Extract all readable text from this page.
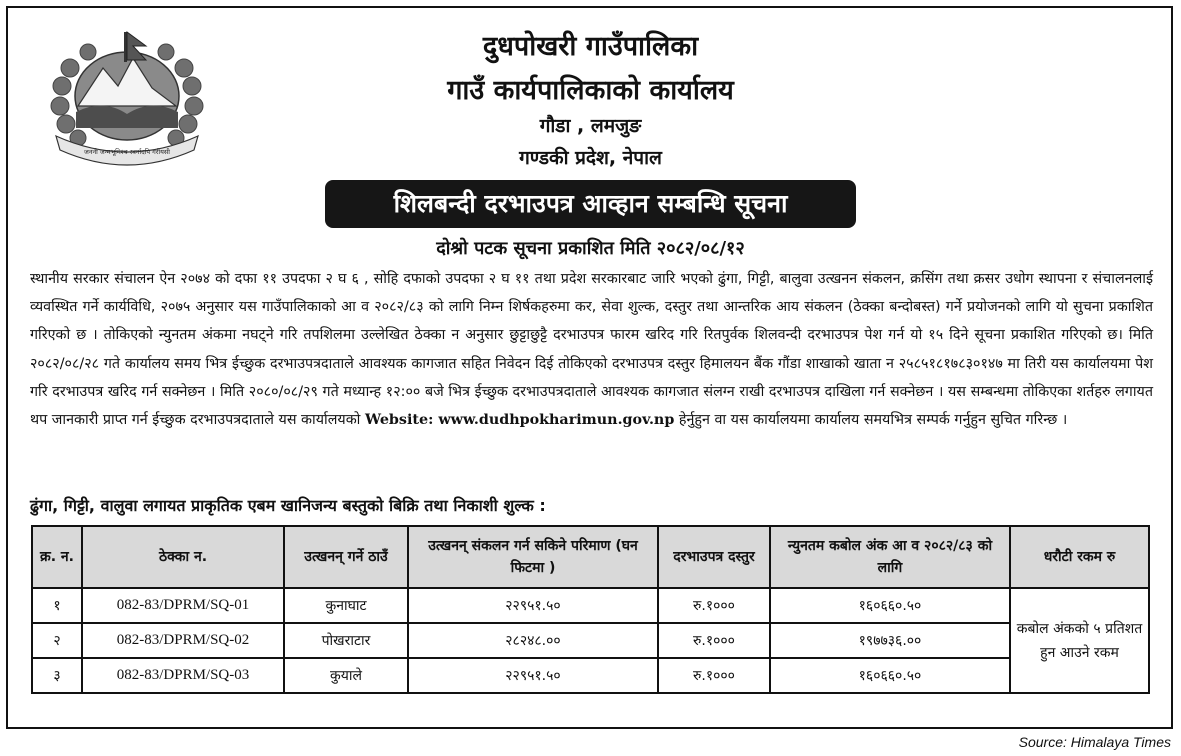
जननी जन्मभूमिश्च स्वर्गादपि गरीयसी
दुधपोखरी गाउँपालिका
गाउँ कार्यपालिकाको कार्यालय
गौडा , लमजुङ
गण्डकी प्रदेश, नेपाल
शिलबन्दी दरभाउपत्र आव्हान सम्बन्धि सूचना
दोश्रो पटक सूचना प्रकाशित मिति २०८२/०८/१२
स्थानीय सरकार संचालन ऐन २०७४ को दफा ११ उपदफा २ घ ६ , सोहि दफाको उपदफा २ घ ११ तथा प्रदेश सरकारबाट जारि भएको ढुंगा, गिट्टी, बालुवा उत्खनन संकलन, क्रसिंग तथा क्रसर उधोग स्थापना र संचालनलाई व्यवस्थित गर्ने कार्यविधि, २०७५ अनुसार यस गाउँपालिकाको आ व २०८२/८३ को लागि निम्न शिर्षकहरुमा कर, सेवा शुल्क, दस्तुर तथा आन्तरिक आय संकलन (ठेक्का बन्दोबस्त) गर्ने प्रयोजनको लागि यो सुचना प्रकाशित गरिएको छ । तोकिएको न्युनतम अंकमा नघट्ने गरि तपशिलमा उल्लेखित ठेक्का न अनुसार छुट्टाछुट्टै दरभाउपत्र फारम खरिद गरि रितपुर्वक शिलवन्दी दरभाउपत्र पेश गर्न यो १५ दिने सूचना प्रकाशित गरिएको छ। मिति २०८२/०८/२८ गते कार्यालय समय भित्र ईच्छुक दरभाउपत्रदाताले आवश्यक कागजात सहित निवेदन दिई तोकिएको दरभाउपत्र दस्तुर हिमालयन बैंक गौंडा शाखाको खाता न २५८५१८१७८३०१४७ मा तिरी यस कार्यालयमा पेश गरि दरभाउपत्र खरिद गर्न सक्नेछन । मिति २०८०/०८/२९ गते मध्यान्ह १२:०० बजे भित्र ईच्छुक दरभाउपत्रदाताले आवश्यक कागजात संलग्न राखी दरभाउपत्र दाखिला गर्न सक्नेछन । यस सम्बन्धमा तोकिएका शर्तहरु लगायत थप जानकारी प्राप्त गर्न ईच्छुक दरभाउपत्रदाताले यस कार्यालयको Website: www.dudhpokharimun.gov.np हेर्नुहुन वा यस कार्यालयमा कार्यालय समयभित्र सम्पर्क गर्नुहुन सुचित गरिन्छ ।
ढुंगा, गिट्टी, वालुवा लगायत प्राकृतिक एबम खानिजन्य बस्तुको बिक्रि तथा निकाशी शुल्क :
क्र. न.	ठेक्का न.	उत्खनन् गर्ने ठाउँ	उत्खनन् संकलन गर्न सकिने परिमाण (घन फिटमा )	दरभाउपत्र दस्तुर	न्युनतम कबोल अंक आ व २०८२/८३ को लागि	धरौटी रकम रु
१	082-83/DPRM/SQ-01	कुनाघाट	२२९५१.५०	रु.१०००	१६०६६०.५०	कबोल अंकको ५ प्रतिशत हुन आउने रकम
२	082-83/DPRM/SQ-02	पोखराटार	२८२४८.००	रु.१०००	१९७७३६.००	
३	082-83/DPRM/SQ-03	कुयाले	२२९५१.५०	रु.१०००	१६०६६०.५०	
Source: Himalaya Times
